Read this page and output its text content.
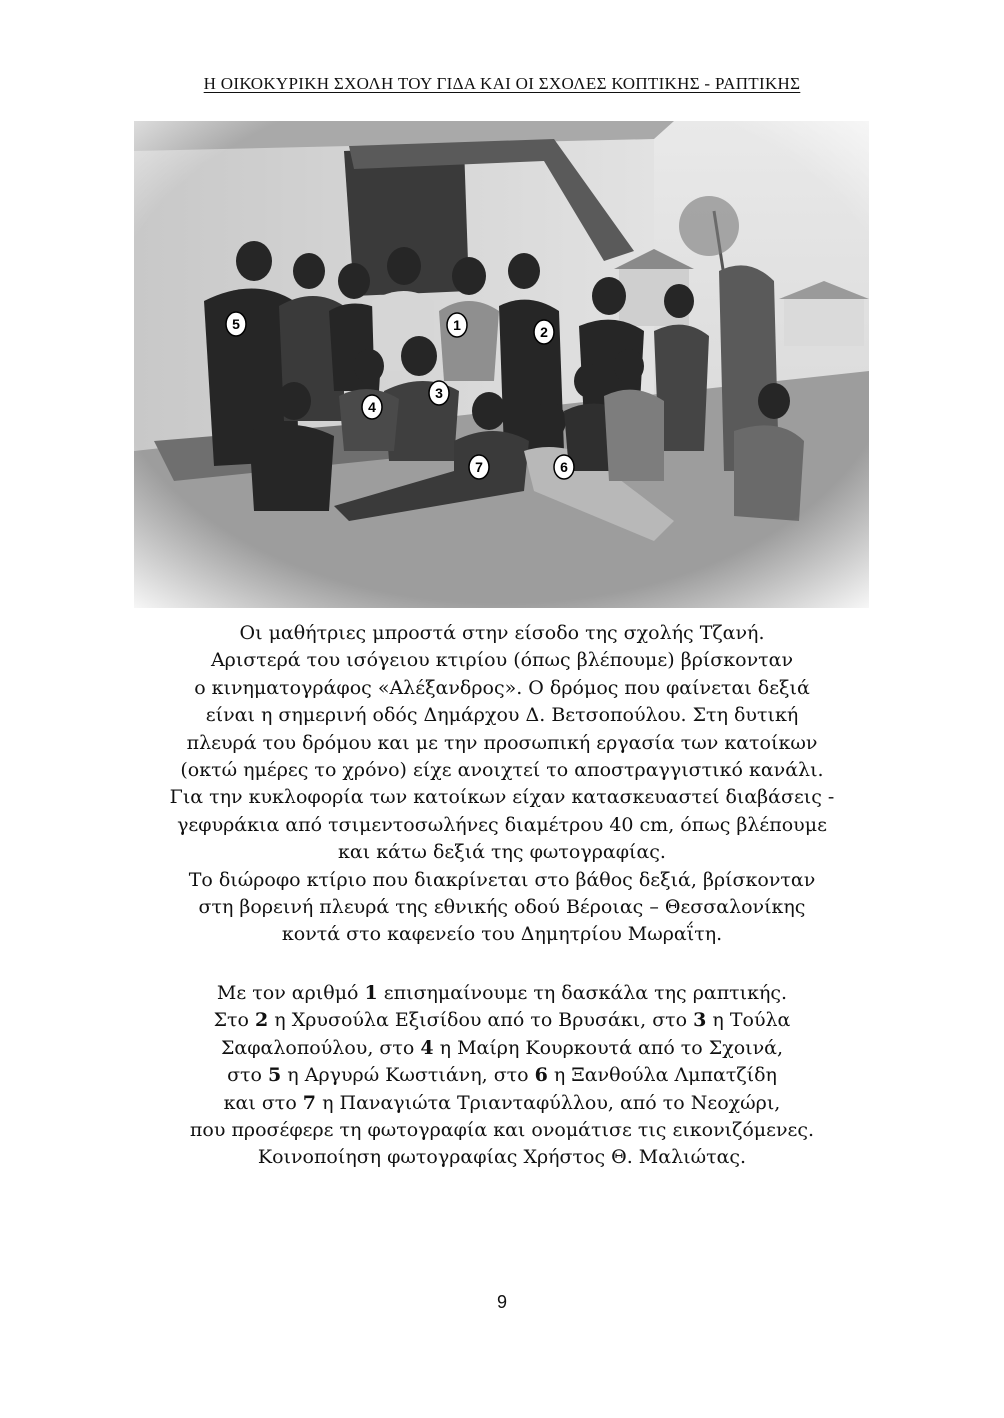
Η ΟΙΚΟΚΥΡΙΚΗ ΣΧΟΛΗ ΤΟΥ ΓΙΔΑ ΚΑΙ ΟΙ ΣΧΟΛΕΣ ΚΟΠΤΙΚΗΣ - ΡΑΠΤΙΚΗΣ
Οι μαθήτριες μπροστά στην είσοδο της σχολής Τζανή.
Αριστερά του ισόγειου κτιρίου (όπως βλέπουμε) βρίσκονταν
ο κινηματογράφος «Αλέξανδρος». Ο δρόμος που φαίνεται δεξιά
είναι η σημερινή οδός Δημάρχου Δ. Βετσοπούλου. Στη δυτική
πλευρά του δρόμου και με την προσωπική εργασία των κατοίκων
(οκτώ ημέρες το χρόνο) είχε ανοιχτεί το αποστραγγιστικό κανάλι.
Για την κυκλοφορία των κατοίκων είχαν κατασκευαστεί διαβάσεις -
γεφυράκια από τσιμεντοσωλήνες διαμέτρου 40 cm, όπως βλέπουμε
και κάτω δεξιά της φωτογραφίας.
Το διώροφο κτίριο που διακρίνεται στο βάθος δεξιά, βρίσκονταν
στη βορεινή πλευρά της εθνικής οδού Βέροιας – Θεσσαλονίκης
κοντά στο καφενείο του Δημητρίου Μωραΐτη.
Με τον αριθμό 1 επισημαίνουμε τη δασκάλα της ραπτικής.
Στο 2 η Χρυσούλα Εξισίδου από το Βρυσάκι, στο 3 η Τούλα
Σαφαλοπούλου, στο 4 η Μαίρη Κουρκουτά από το Σχοινά,
στο 5 η Αργυρώ Κωστιάνη, στο 6 η Ξανθούλα Λμπατζίδη
και στο 7 η Παναγιώτα Τριανταφύλλου, από το Νεοχώρι,
που προσέφερε τη φωτογραφία και ονομάτισε τις εικονιζόμενες.
Κοινοποίηση φωτογραφίας Χρήστος Θ. Μαλιώτας.
9
